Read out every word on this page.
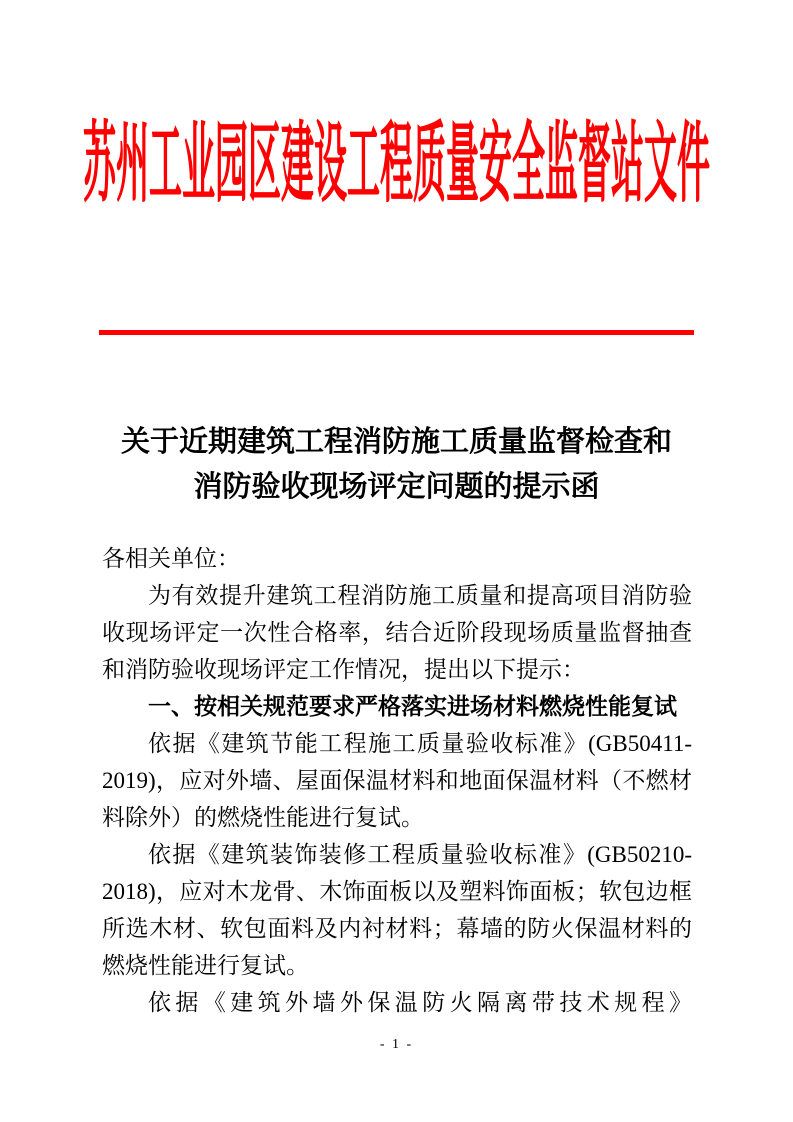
苏州工业园区建设工程质量安全监督站文件
关于近期建筑工程消防施工质量监督检查和
消防验收现场评定问题的提示函

各相关单位：

为有效提升建筑工程消防施工质量和提高项目消防验收现场评定一次性合格率，结合近阶段现场质量监督抽查和消防验收现场评定工作情况，提出以下提示：

一、按相关规范要求严格落实进场材料燃烧性能复试

依据《建筑节能工程施工质量验收标准》(GB50411-2019)，应对外墙、屋面保温材料和地面保温材料（不燃材料除外）的燃烧性能进行复试。

依据《建筑装饰装修工程质量验收标准》(GB50210-2018)，应对木龙骨、木饰面板以及塑料饰面板；软包边框所选木材、软包面料及内衬材料；幕墙的防火保温材料的燃烧性能进行复试。

依据《建筑外墙外保温防火隔离带技术规程》

- 1 -
